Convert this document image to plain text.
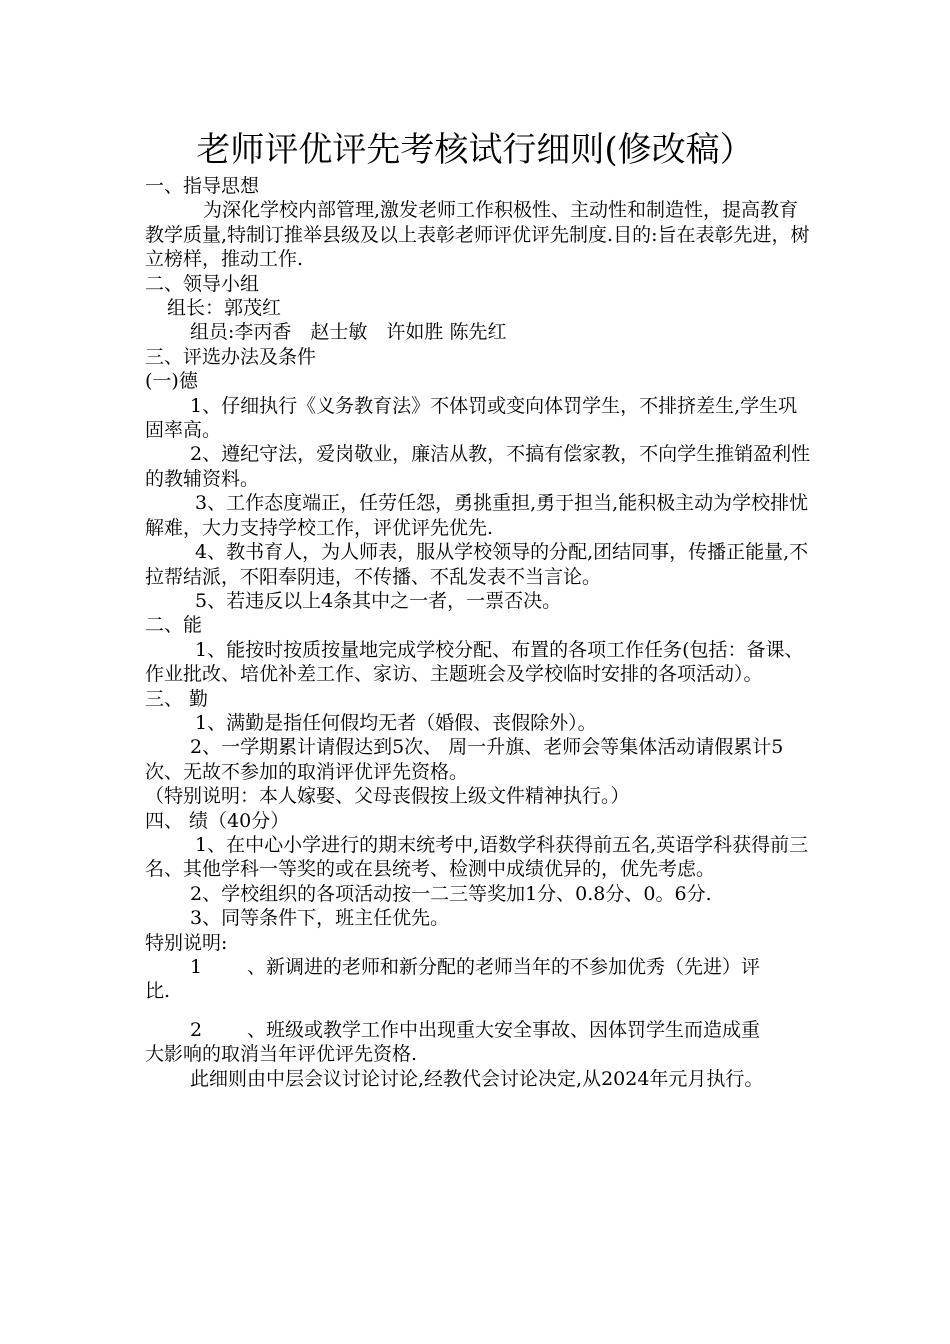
老师评优评先考核试行细则(修改稿）

一、指导思想

为深化学校内部管理,激发老师工作积极性、主动性和制造性，提高教育教学质量,特制订推举县级及以上表彰老师评优评先制度.目的:旨在表彰先进，树立榜样，推动工作.

二、领导小组

组长：郭茂红

组员:李丙香　赵士敏　许如胜 陈先红

三、评选办法及条件

(一)德

1、仔细执行《义务教育法》不体罚或变向体罚学生，不排挤差生,学生巩固率高。

2、遵纪守法，爱岗敬业，廉洁从教，不搞有偿家教，不向学生推销盈利性的教辅资料。

3、工作态度端正，任劳任怨，勇挑重担,勇于担当,能积极主动为学校排忧解难，大力支持学校工作，评优评先优先.

4、教书育人，为人师表，服从学校领导的分配,团结同事，传播正能量,不拉帮结派，不阳奉阴违，不传播、不乱发表不当言论。

5、若违反以上4条其中之一者，一票否决。

二、能

1、能按时按质按量地完成学校分配、布置的各项工作任务(包括：备课、作业批改、培优补差工作、家访、主题班会及学校临时安排的各项活动）。

三、 勤

1、满勤是指任何假均无者（婚假、丧假除外）。

2、一学期累计请假达到5次、 周一升旗、老师会等集体活动请假累计5次、无故不参加的取消评优评先资格。

（特别说明：本人嫁娶、父母丧假按上级文件精神执行。）

四、 绩（40分）

1、在中心小学进行的期末统考中,语数学科获得前五名,英语学科获得前三名、其他学科一等奖的或在县统考、检测中成绩优异的，优先考虑。

2、学校组织的各项活动按一二三等奖加1分、0.8分、0。6分.

3、同等条件下，班主任优先。

特别说明:

1	、新调进的老师和新分配的老师当年的不参加优秀（先进）评

比.

2	、班级或教学工作中出现重大安全事故、因体罚学生而造成重

大影响的取消当年评优评先资格.

此细则由中层会议讨论讨论,经教代会讨论决定,从2024年元月执行。
